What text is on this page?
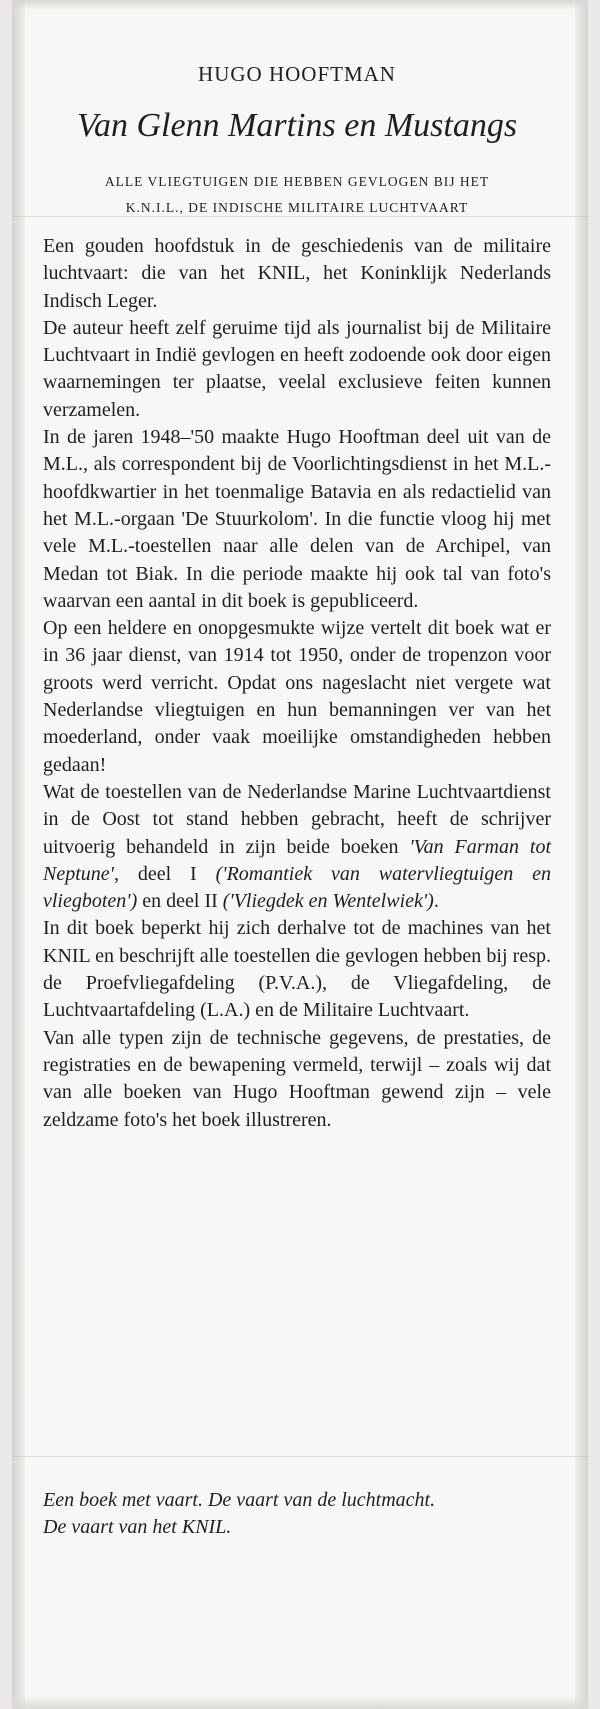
HUGO HOOFTMAN
Van Glenn Martins en Mustangs
ALLE VLIEGTUIGEN DIE HEBBEN GEVLOGEN BIJ HET
K.N.I.L., DE INDISCHE MILITAIRE LUCHTVAART

Een gouden hoofdstuk in de geschiedenis van de militaire luchtvaart: die van het KNIL, het Koninklijk Nederlands Indisch Leger.

De auteur heeft zelf geruime tijd als journalist bij de Militaire Luchtvaart in Indië gevlogen en heeft zodoende ook door eigen waarnemingen ter plaatse, veelal exclusieve feiten kunnen verzamelen.

In de jaren 1948–'50 maakte Hugo Hooftman deel uit van de M.L., als correspondent bij de Voorlichtingsdienst in het M.L.-hoofdkwartier in het toenmalige Batavia en als redactielid van het M.L.-orgaan 'De Stuurkolom'. In die functie vloog hij met vele M.L.-toestellen naar alle delen van de Archipel, van Medan tot Biak. In die periode maakte hij ook tal van foto's waarvan een aantal in dit boek is gepubliceerd.

Op een heldere en onopgesmukte wijze vertelt dit boek wat er in 36 jaar dienst, van 1914 tot 1950, onder de tropenzon voor groots werd verricht. Opdat ons nageslacht niet vergete wat Nederlandse vliegtuigen en hun bemanningen ver van het moederland, onder vaak moeilijke omstandigheden hebben gedaan!

Wat de toestellen van de Nederlandse Marine Luchtvaartdienst in de Oost tot stand hebben gebracht, heeft de schrijver uitvoerig behandeld in zijn beide boeken 'Van Farman tot Neptune', deel I ('Romantiek van watervliegtuigen en vliegboten') en deel II ('Vliegdek en Wentelwiek').

In dit boek beperkt hij zich derhalve tot de machines van het KNIL en beschrijft alle toestellen die gevlogen hebben bij resp. de Proefvliegafdeling (P.V.A.), de Vliegafdeling, de Luchtvaartafdeling (L.A.) en de Militaire Luchtvaart.

Van alle typen zijn de technische gegevens, de prestaties, de registraties en de bewapening vermeld, terwijl – zoals wij dat van alle boeken van Hugo Hooftman gewend zijn – vele zeldzame foto's het boek illustreren.

Een boek met vaart. De vaart van de luchtmacht.
De vaart van het KNIL.
